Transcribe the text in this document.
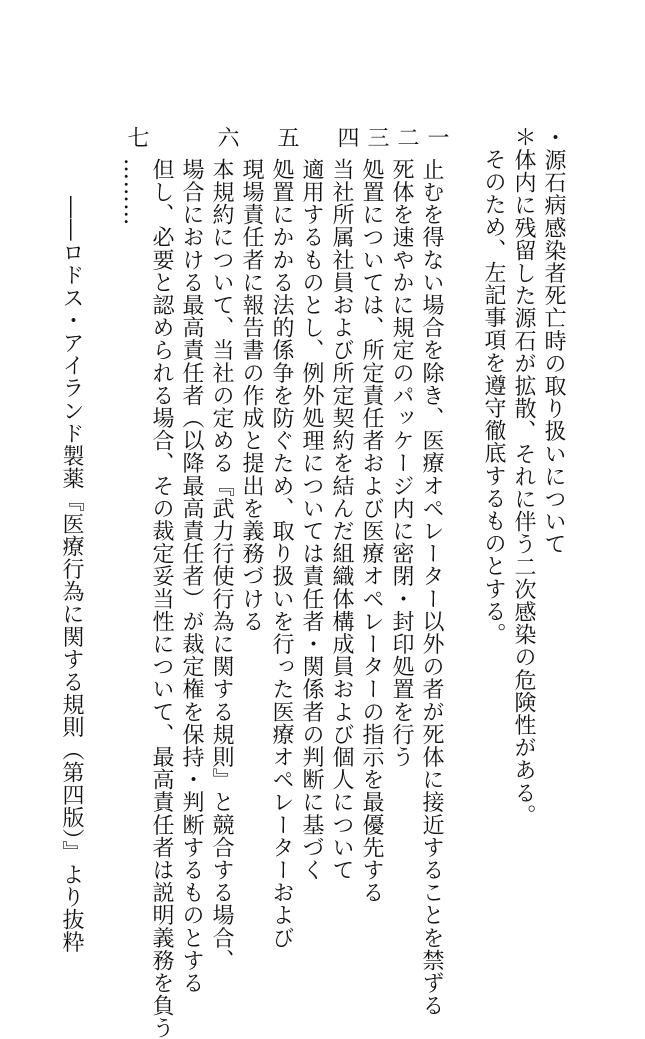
・源石病感染者死亡時の取り扱いについて
＊体内に残留した源石が拡散、それに伴う二次感染の危険性がある。
そのため、左記事項を遵守徹底するものとする。
一
止むを得ない場合を除き、医療オペレーター以外の者が死体に接近することを禁ずる
二
死体を速やかに規定のパッケージ内に密閉・封印処置を行う
三
処置については、所定責任者および医療オペレーターの指示を最優先する
四
当社所属社員および所定契約を結んだ組織体構成員および個人について
適用するものとし、例外処理については責任者・関係者の判断に基づく
五
処置にかかる法的係争を防ぐため、取り扱いを行った医療オペレーターおよび
現場責任者に報告書の作成と提出を義務づける
六
本規約について、当社の定める『武力行使行為に関する規則』と競合する場合、
場合における最高責任者（以降最高責任者）が裁定権を保持・判断するものとする
但し、必要と認められる場合、その裁定妥当性について、最高責任者は説明義務を負う
七
………
――ロドス・アイランド製薬『医療行為に関する規則（第四版）』より抜粋
